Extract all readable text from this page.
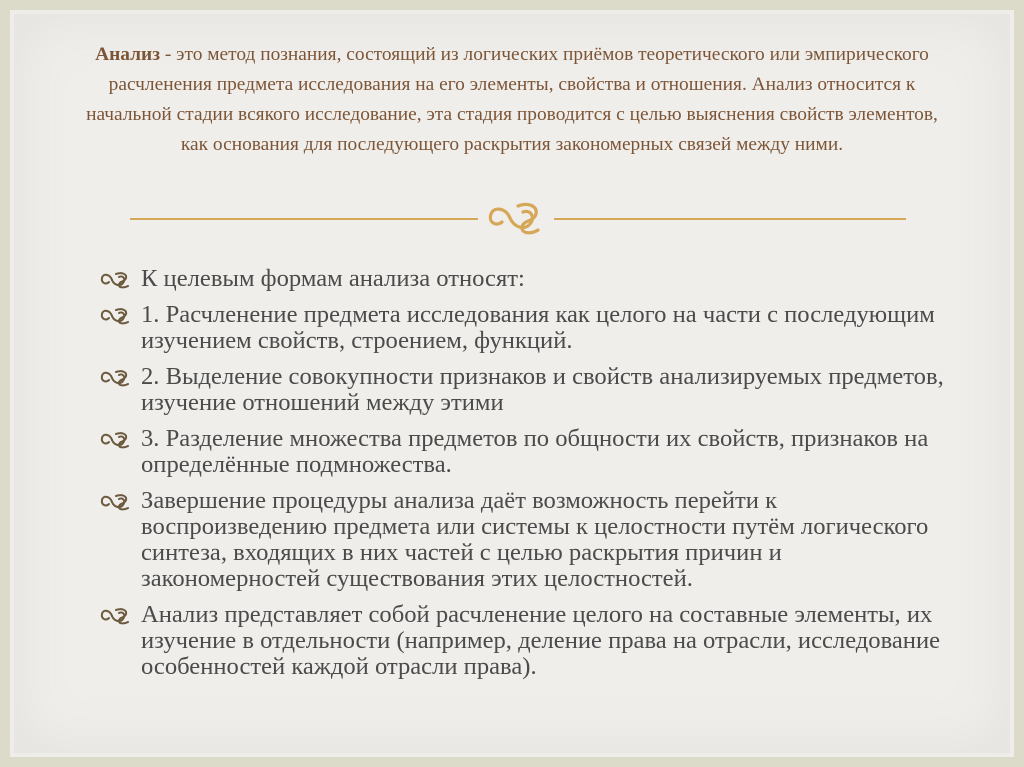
Анализ - это метод познания, состоящий из логических приёмов теоретического или эмпирического расчленения предмета исследования на его элементы, свойства и отношения. Анализ относится к начальной стадии всякого исследование, эта стадия проводится с целью выяснения свойств элементов, как основания для последующего раскрытия закономерных связей между ними.
К целевым формам анализа относят:
1. Расчленение предмета исследования как целого на части с последующим изучением свойств, строением, функций.
2. Выделение совокупности признаков и свойств анализируемых предметов, изучение отношений между этими
3. Разделение множества предметов по общности их свойств, признаков на определённые подмножества.
Завершение процедуры анализа даёт возможность перейти к воспроизведению предмета или системы к целостности путём логического синтеза, входящих в них частей с целью раскрытия причин и закономерностей существования этих целостностей.
Анализ представляет собой расчленение целого на составные элементы, их изучение в отдельности (например, деление права на отрасли, исследование особенностей каждой отрасли права).
